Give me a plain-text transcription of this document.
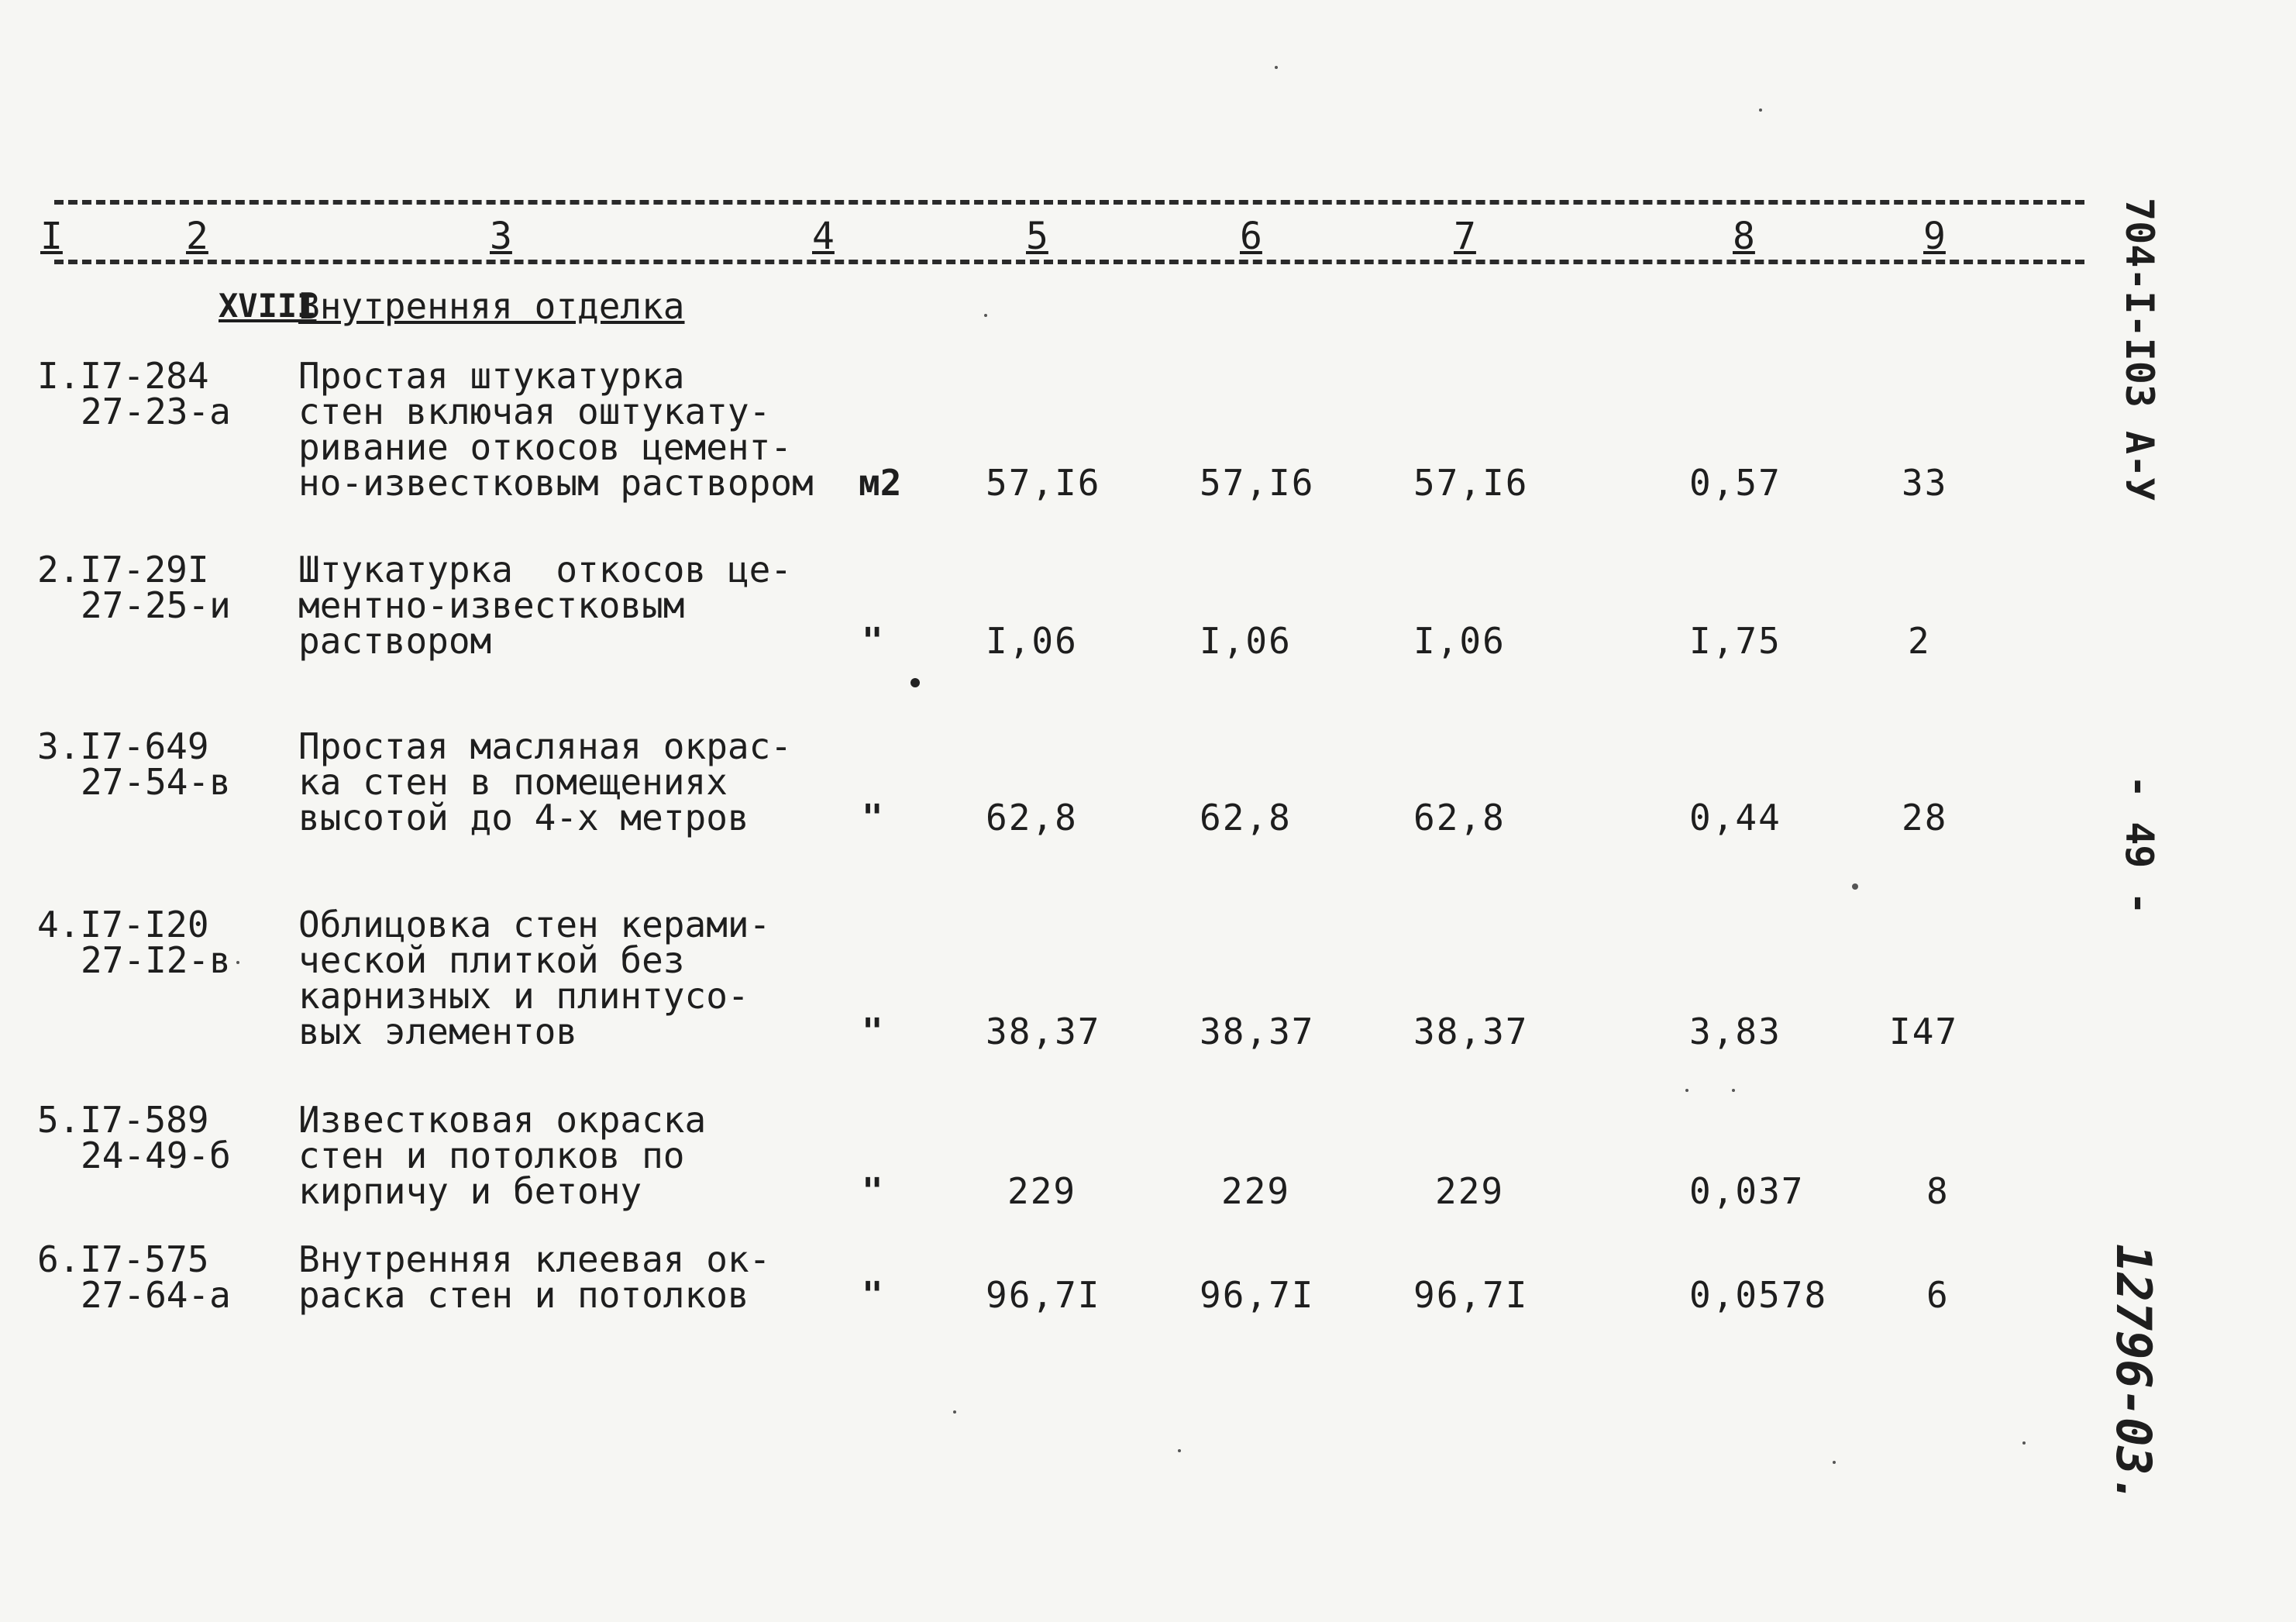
I	2	3	4	5	6	7	8	9
XVIII
Внутренняя отделка
I.I7-284
27-23-a
Простая штукатурка
стен включая оштукату-
ривание откосов цемент-
но-известковым раствором м2 57,I6	57,I6	57,I6	0,57	33
2.I7-29I
27-25-и
Штукатурка  откосов це-
ментно-известковым
раствором	"	I,06	I,06	I,06	I,75	2
3.I7-649
27-54-в
Простая масляная окрас-
ка стен в помещениях
высотой до 4-х метров	"	62,8	62,8	62,8	0,44	28
4.I7-I20
27-I2-в
Облицовка стен керами-
ческой плиткой без
карнизных и плинтусо-
вых элементов	"	38,37	38,37	38,37	3,83	I47
5.I7-589
24-49-б
Известковая окраска
стен и потолков по
кирпичу и бетону	"	229	229	229	0,037	8
6.I7-575
27-64-a
Внутренняя клеевая ок-
раска стен и потолков	"	96,7I	96,7I	96,7I	0,0578	6
704-I-I03 А-У
- 49 -
12796-03.
